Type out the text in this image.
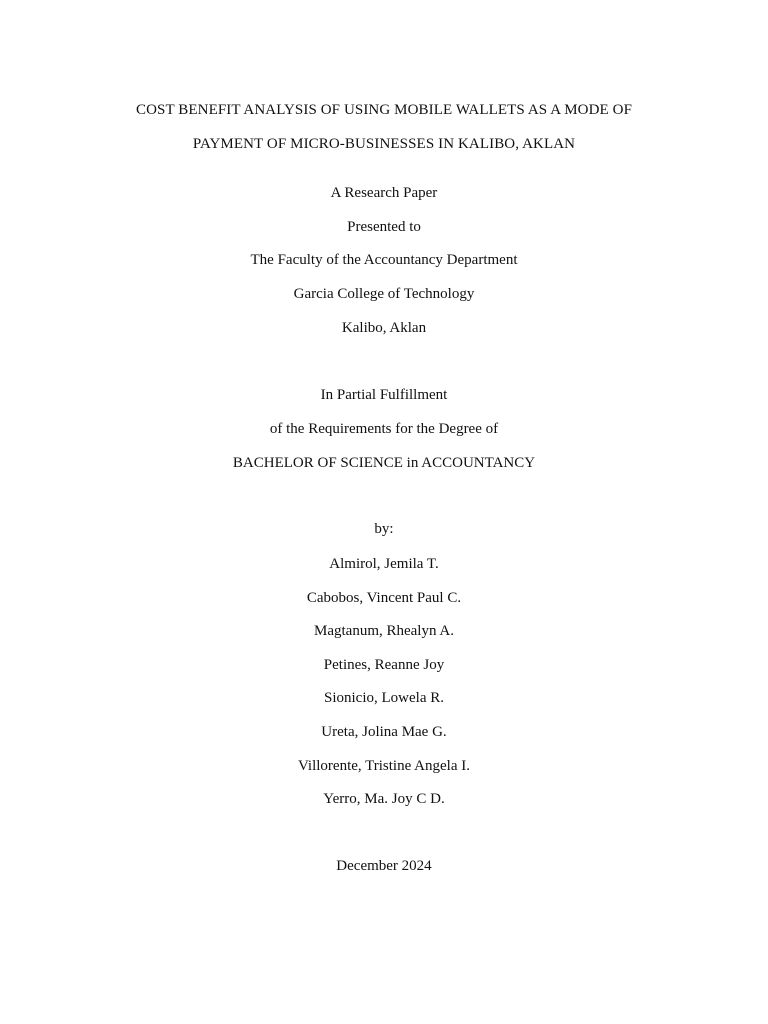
COST BENEFIT ANALYSIS OF USING MOBILE WALLETS AS A MODE OF
PAYMENT OF MICRO-BUSINESSES IN KALIBO, AKLAN
A Research Paper
Presented to
The Faculty of the Accountancy Department
Garcia College of Technology
Kalibo, Aklan
In Partial Fulfillment
of the Requirements for the Degree of
BACHELOR OF SCIENCE in ACCOUNTANCY
by:
Almirol, Jemila T.
Cabobos, Vincent Paul C.
Magtanum, Rhealyn A.
Petines, Reanne Joy
Sionicio, Lowela R.
Ureta, Jolina Mae G.
Villorente, Tristine Angela I.
Yerro, Ma. Joy C D.
December 2024
